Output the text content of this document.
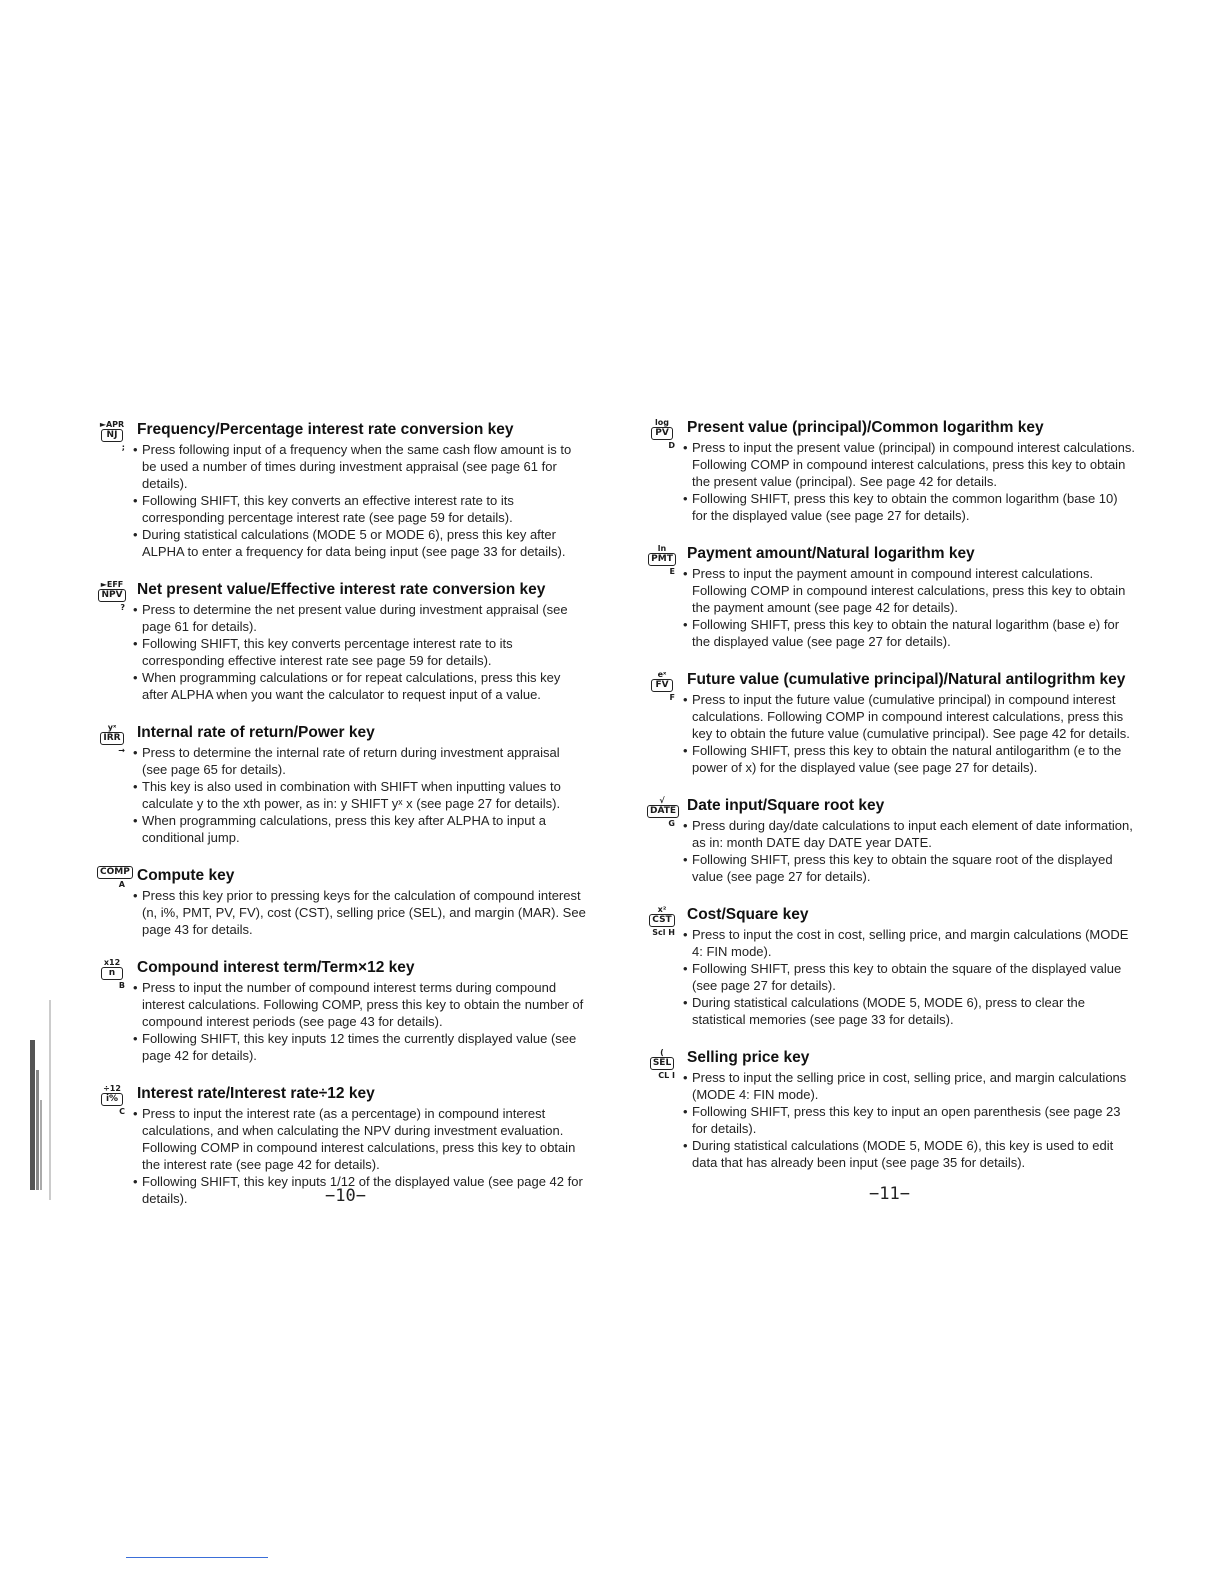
►APR
NJ
;
Frequency/Percentage interest rate conversion key
• Press following input of a frequency when the same cash flow amount is to be used a number of times during investment appraisal (see page 61 for details).
• Following SHIFT, this key converts an effective interest rate to its corresponding percentage interest rate (see page 59 for details).
• During statistical calculations (MODE 5 or MODE 6), press this key after ALPHA to enter a frequency for data being input (see page 33 for details).
►EFF
NPV
?
Net present value/Effective interest rate conversion key
• Press to determine the net present value during investment appraisal (see page 61 for details).
• Following SHIFT, this key converts percentage interest rate to its corresponding effective interest rate see page 59 for details).
• When programming calculations or for repeat calculations, press this key after ALPHA when you want the calculator to request input of a value.
yˣ
IRR
→
Internal rate of return/Power key
• Press to determine the internal rate of return during investment appraisal (see page 65 for details).
• This key is also used in combination with SHIFT when inputting values to calculate y to the xth power, as in: y SHIFT yˣ x (see page 27 for details).
• When programming calculations, press this key after ALPHA to input a conditional jump.
COMP
A
Compute key
• Press this key prior to pressing keys for the calculation of compound interest (n, i%, PMT, PV, FV), cost (CST), selling price (SEL), and margin (MAR). See page 43 for details.
x12
n
B
Compound interest term/Term×12 key
• Press to input the number of compound interest terms during compound interest calculations. Following COMP, press this key to obtain the number of compound interest periods (see page 43 for details).
• Following SHIFT, this key inputs 12 times the currently displayed value (see page 42 for details).
÷12
i%
C
Interest rate/Interest rate÷12 key
• Press to input the interest rate (as a percentage) in compound interest calculations, and when calculating the NPV during investment evaluation. Following COMP in compound interest calculations, press this key to obtain the interest rate (see page 42 for details).
• Following SHIFT, this key inputs 1/12 of the displayed value (see page 42 for details).	−10−
log
PV
D
Present value (principal)/Common logarithm key
• Press to input the present value (principal) in compound interest calculations. Following COMP in compound interest calculations, press this key to obtain the present value (principal). See page 42 for details.
• Following SHIFT, press this key to obtain the common logarithm (base 10) for the displayed value (see page 27 for details).
ln
PMT
E
Payment amount/Natural logarithm key
• Press to input the payment amount in compound interest calculations. Following COMP in compound interest calculations, press this key to obtain the payment amount (see page 42 for details).
• Following SHIFT, press this key to obtain the natural logarithm (base e) for the displayed value (see page 27 for details).
eˣ
FV
F
Future value (cumulative principal)/Natural antilogrithm key
• Press to input the future value (cumulative principal) in compound interest calculations. Following COMP in compound interest calculations, press this key to obtain the future value (cumulative principal). See page 42 for details.
• Following SHIFT, press this key to obtain the natural antilogarithm (e to the power of x) for the displayed value (see page 27 for details).
√
DATE
G
Date input/Square root key
• Press during day/date calculations to input each element of date information, as in: month DATE day DATE year DATE.
• Following SHIFT, press this key to obtain the square root of the displayed value (see page 27 for details).
x²
CST
Scl H
Cost/Square key
• Press to input the cost in cost, selling price, and margin calculations (MODE 4: FIN mode).
• Following SHIFT, press this key to obtain the square of the displayed value (see page 27 for details).
• During statistical calculations (MODE 5, MODE 6), press to clear the statistical memories (see page 33 for details).
(
SEL
CL I
Selling price key
• Press to input the selling price in cost, selling price, and margin calculations (MODE 4: FIN mode).
• Following SHIFT, press this key to input an open parenthesis (see page 23 for details).
• During statistical calculations (MODE 5, MODE 6), this key is used to edit data that has already been input (see page 35 for details).
−11−
